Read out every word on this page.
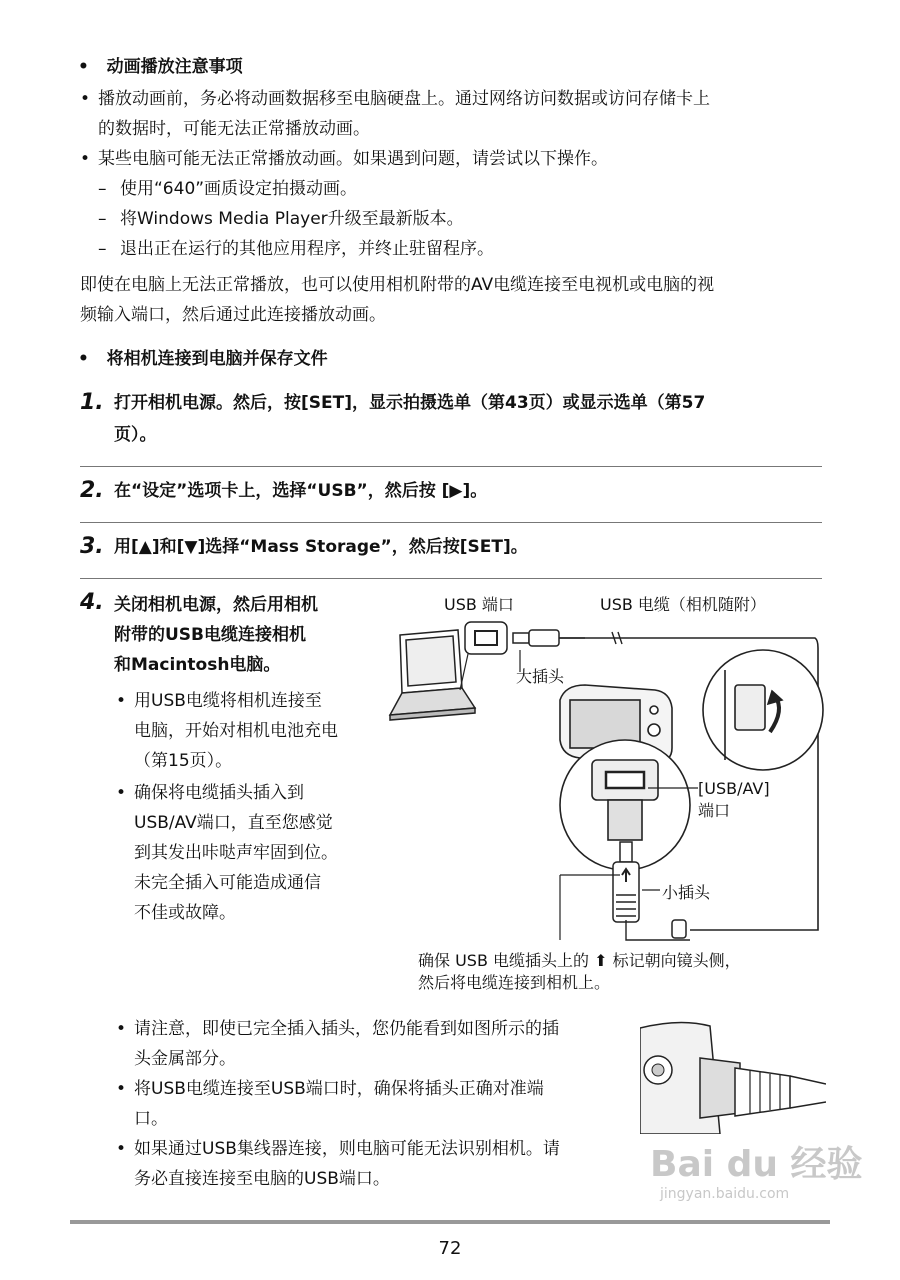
•   动画播放注意事项
• 播放动画前，务必将动画数据移至电脑硬盘上。通过网络访问数据或访问存储卡上
的数据时，可能无法正常播放动画。
• 某些电脑可能无法正常播放动画。如果遇到问题，请尝试以下操作。
– 使用“640”画质设定拍摄动画。
– 将Windows Media Player升级至最新版本。
– 退出正在运行的其他应用程序，并终止驻留程序。
即使在电脑上无法正常播放，也可以使用相机附带的AV电缆连接至电视机或电脑的视
频输入端口，然后通过此连接播放动画。
•   将相机连接到电脑并保存文件
1. 打开相机电源。然后，按[SET]，显示拍摄选单（第43页）或显示选单（第57
页）。
2. 在“设定”选项卡上，选择“USB”，然后按 [▶]。
3. 用[▲]和[▼]选择“Mass Storage”，然后按[SET]。
4. 关闭相机电源，然后用相机
附带的USB电缆连接相机
和Macintosh电脑。
• 用USB电缆将相机连接至
电脑，开始对相机电池充电
（第15页）。
• 确保将电缆插头插入到
USB/AV端口，直至您感觉
到其发出咔哒声牢固到位。
未完全插入可能造成通信
不佳或故障。
USB 端口	USB 电缆（相机随附）
大插头
[USB/AV]
端口
小插头
确保 USB 电缆插头上的 ⬆ 标记朝向镜头侧，
然后将电缆连接到相机上。
• 请注意，即使已完全插入插头，您仍能看到如图所示的插
头金属部分。
• 将USB电缆连接至USB端口时，确保将插头正确对准端
口。
• 如果通过USB集线器连接，则电脑可能无法识别相机。请
务必直接连接至电脑的USB端口。
72
Bai du 经验
jingyan.baidu.com
